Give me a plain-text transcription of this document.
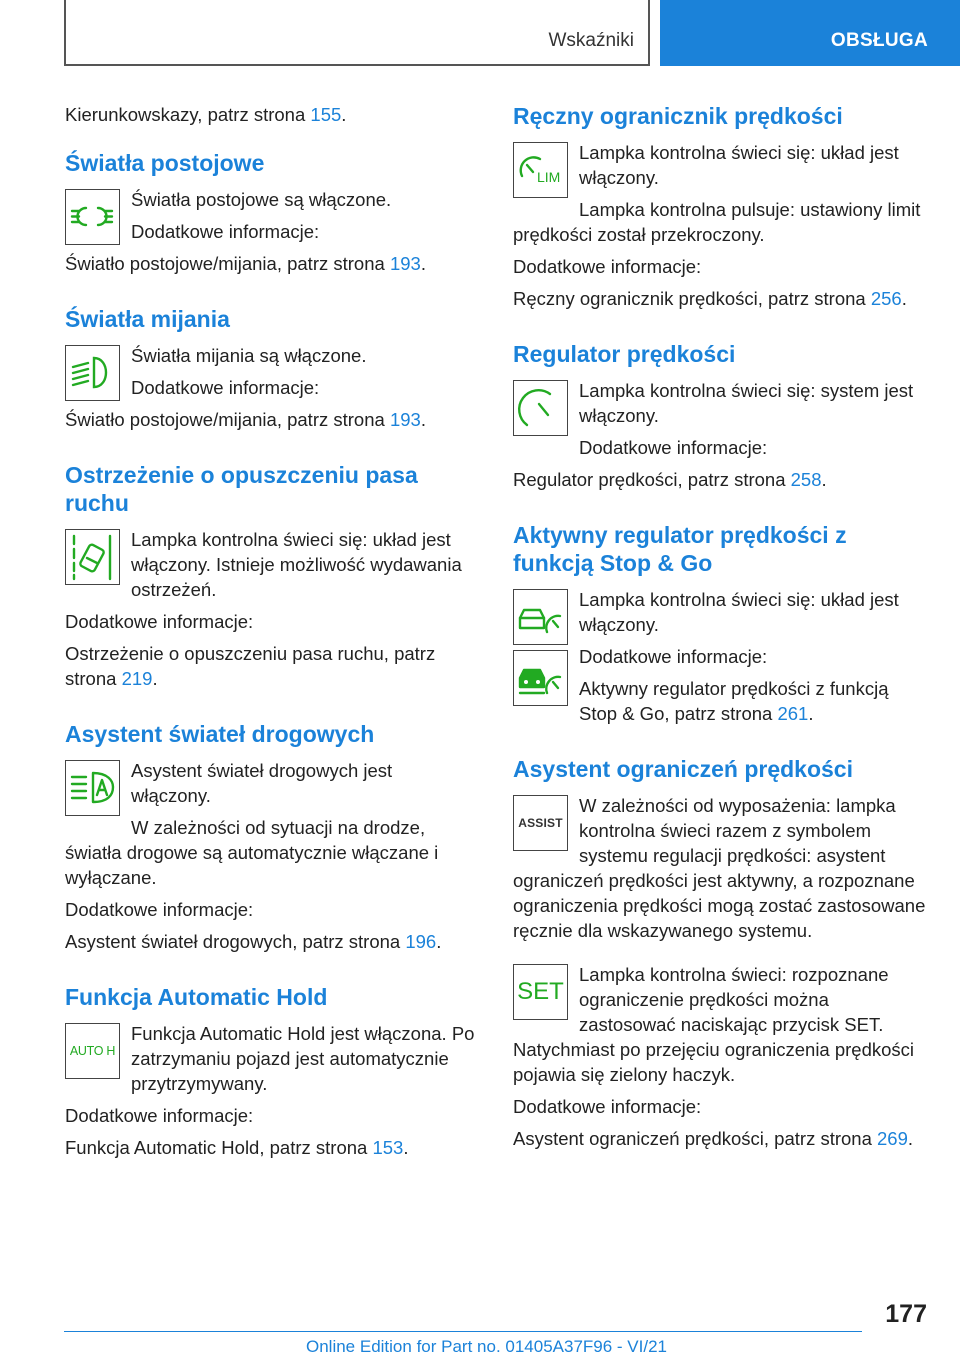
Wskaźniki	OBSŁUGA

Kierunkowskazy, patrz strona 155.

Światła postojowe

Światła postojowe są włączone.

Dodatkowe informacje:

Światło postojowe/mijania, patrz strona 193.

Światła mijania

Światła mijania są włączone.

Dodatkowe informacje:

Światło postojowe/mijania, patrz strona 193.

Ostrzeżenie o opuszczeniu pasa ruchu

Lampka kontrolna świeci się: układ jest włączony. Istnieje możliwość wydawania ostrzeżeń.

Dodatkowe informacje:

Ostrzeżenie o opuszczeniu pasa ruchu, patrz strona 219.

Asystent świateł drogowych

Asystent świateł drogowych jest włączony.

W zależności od sytuacji na drodze, światła drogowe są automatycznie włączane i wyłączane.

Dodatkowe informacje:

Asystent świateł drogowych, patrz strona 196.

Funkcja Automatic Hold
AUTO H

Funkcja Automatic Hold jest włączona. Po zatrzymaniu pojazd jest automatycznie przytrzymywany.

Dodatkowe informacje:

Funkcja Automatic Hold, patrz strona 153.

Ręczny ogranicznik prędkości
LIM

Lampka kontrolna świeci się: układ jest włączony.

Lampka kontrolna pulsuje: ustawiony limit prędkości został przekroczony.

Dodatkowe informacje:

Ręczny ogranicznik prędkości, patrz strona 256.

Regulator prędkości

Lampka kontrolna świeci się: system jest włączony.

Dodatkowe informacje:

Regulator prędkości, patrz strona 258.

Aktywny regulator prędkości z funkcją Stop & Go

Lampka kontrolna świeci się: układ jest włączony.

Dodatkowe informacje:

Aktywny regulator prędkości z funkcją Stop & Go, patrz strona 261.

Asystent ograniczeń prędkości
ASSIST

W zależności od wyposażenia: lampka kontrolna świeci razem z symbolem systemu regulacji prędkości: asystent ograniczeń prędkości jest aktywny, a rozpoznane ograniczenia prędkości mogą zostać zastosowane ręcznie dla wskazywanego systemu.

SET

Lampka kontrolna świeci: rozpoznane ograniczenie prędkości można zastosować naciskając przycisk SET. Natychmiast po przejęciu ograniczenia prędkości pojawia się zielony haczyk.

Dodatkowe informacje:

Asystent ograniczeń prędkości, patrz strona 269.

177
Online Edition for Part no. 01405A37F96 - VI/21
